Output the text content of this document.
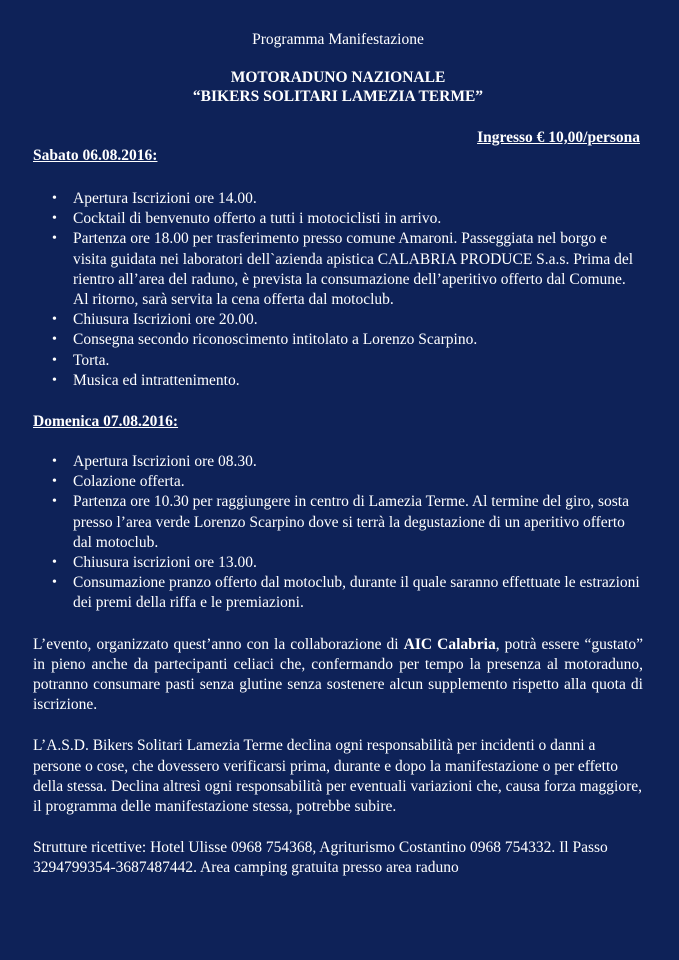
Programma Manifestazione
MOTORADUNO NAZIONALE
“BIKERS SOLITARI LAMEZIA TERME”
Ingresso € 10,00/persona
Sabato 06.08.2016:
• Apertura Iscrizioni ore 14.00.
• Cocktail di benvenuto offerto a tutti i motociclisti in arrivo.
• Partenza ore 18.00 per trasferimento presso comune Amaroni. Passeggiata nel borgo e visita guidata nei laboratori dell`azienda apistica CALABRIA PRODUCE S.a.s. Prima del rientro all’area del raduno, è prevista la consumazione dell’aperitivo offerto dal Comune. Al ritorno, sarà servita la cena offerta dal motoclub.
• Chiusura Iscrizioni ore 20.00.
• Consegna secondo riconoscimento intitolato a Lorenzo Scarpino.
• Torta.
• Musica ed intrattenimento.
Domenica 07.08.2016:
• Apertura Iscrizioni ore 08.30.
• Colazione offerta.
• Partenza ore 10.30 per raggiungere in centro di Lamezia Terme. Al termine del giro, sosta presso l’area verde Lorenzo Scarpino dove si terrà la degustazione di un aperitivo offerto dal motoclub.
• Chiusura iscrizioni ore 13.00.
• Consumazione pranzo offerto dal motoclub, durante il quale saranno effettuate le estrazioni dei premi della riffa e le premiazioni.

L’evento, organizzato quest’anno con la collaborazione di AIC Calabria, potrà essere “gustato” in pieno anche da partecipanti celiaci che, confermando per tempo la presenza al motoraduno, potranno consumare pasti senza glutine senza sostenere alcun supplemento rispetto alla quota di iscrizione.

L’A.S.D. Bikers Solitari Lamezia Terme declina ogni responsabilità per incidenti o danni a persone o cose, che dovessero verificarsi prima, durante e dopo la manifestazione o per effetto della stessa. Declina altresì ogni responsabilità per eventuali variazioni che, causa forza maggiore, il programma delle manifestazione stessa, potrebbe subire.

Strutture ricettive: Hotel Ulisse 0968 754368, Agriturismo Costantino 0968 754332. Il Passo 3294799354-3687487442. Area camping gratuita presso area raduno
